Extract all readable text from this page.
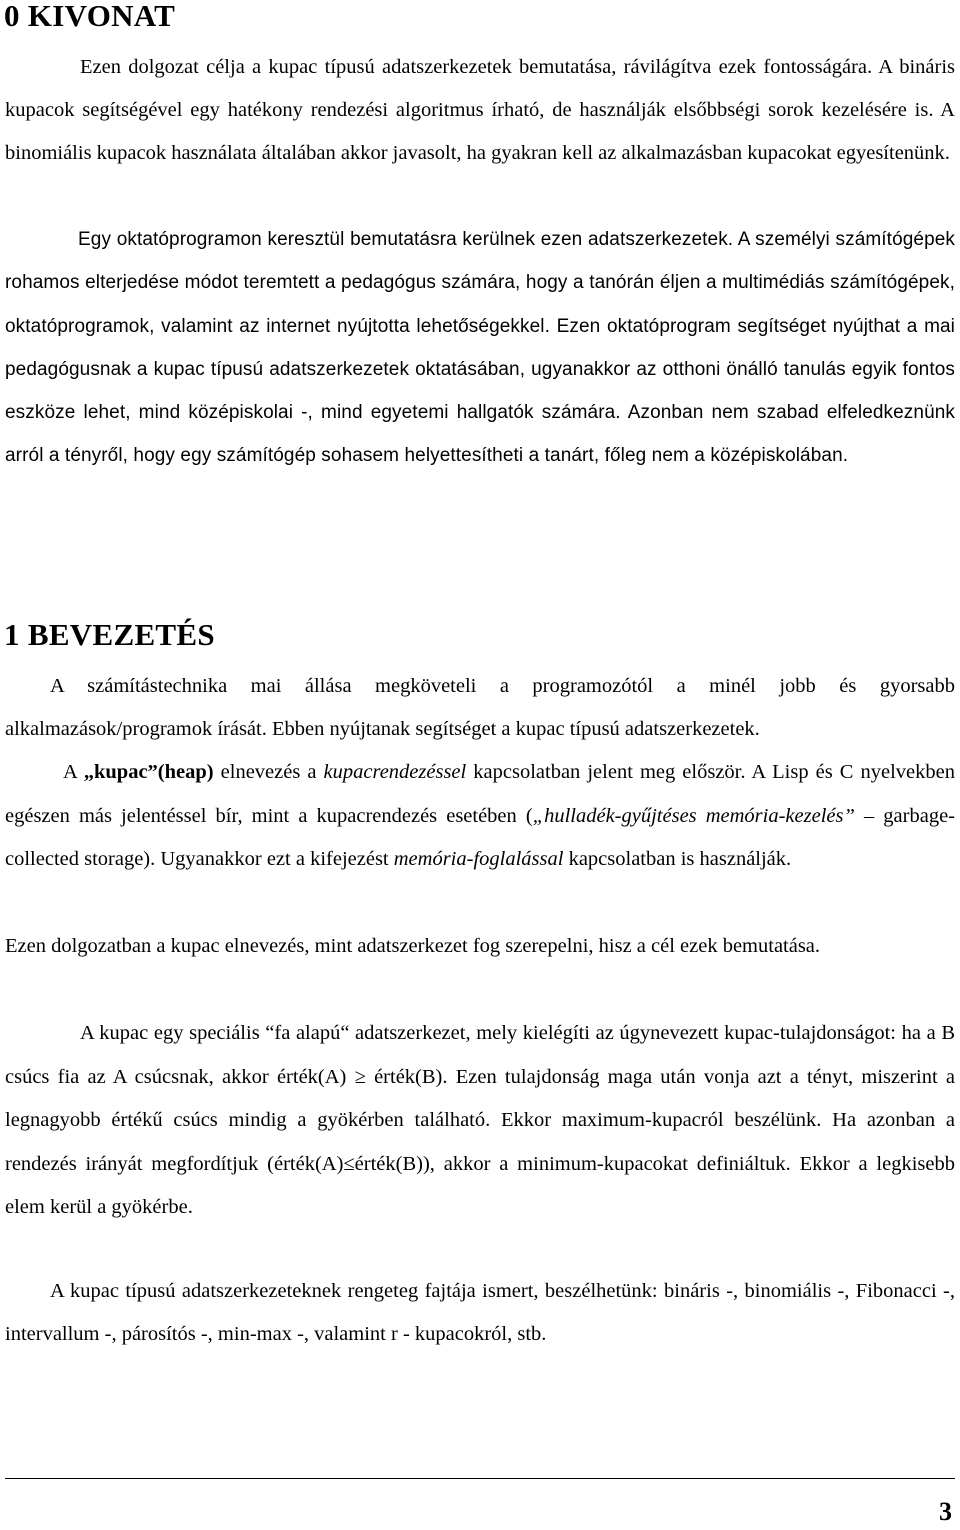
0 KIVONAT

Ezen dolgozat célja a kupac típusú adatszerkezetek bemutatása, rávilágítva ezek fontosságára. A bináris kupacok segítségével egy hatékony rendezési algoritmus írható, de használják elsőbbségi sorok kezelésére is. A binomiális kupacok használata általában akkor javasolt, ha gyakran kell az alkalmazásban kupacokat egyesítenünk.

Egy oktatóprogramon keresztül bemutatásra kerülnek ezen adatszerkezetek. A személyi számítógépek rohamos elterjedése módot teremtett a pedagógus számára, hogy a tanórán éljen a multimédiás számítógépek, oktatóprogramok, valamint az internet nyújtotta lehetőségekkel. Ezen oktatóprogram segítséget nyújthat a mai pedagógusnak a kupac típusú adatszerkezetek oktatásában, ugyanakkor az otthoni önálló tanulás egyik fontos eszköze lehet, mind középiskolai -, mind egyetemi hallgatók számára. Azonban nem szabad elfeledkeznünk arról a tényről, hogy egy számítógép sohasem helyettesítheti a tanárt, főleg nem a középiskolában.

1 BEVEZETÉS

A számítástechnika mai állása megköveteli a programozótól a minél jobb és gyorsabb alkalmazások/programok írását. Ebben nyújtanak segítséget a kupac típusú adatszerkezetek.

A „kupac”(heap) elnevezés a kupacrendezéssel kapcsolatban jelent meg először. A Lisp és C nyelvekben egészen más jelentéssel bír, mint a kupacrendezés esetében („hulladék-gyűjtéses memória-kezelés” – garbage-collected storage). Ugyanakkor ezt a kifejezést memória-foglalással kapcsolatban is használják.

Ezen dolgozatban a kupac elnevezés, mint adatszerkezet fog szerepelni, hisz a cél ezek bemutatása.

A kupac egy speciális “fa alapú“ adatszerkezet, mely kielégíti az úgynevezett kupac-tulajdonságot: ha a B csúcs fia az A csúcsnak, akkor érték(A) ≥ érték(B). Ezen tulajdonság maga után vonja azt a tényt, miszerint a legnagyobb értékű csúcs mindig a gyökérben található. Ekkor maximum-kupacról beszélünk. Ha azonban a rendezés irányát megfordítjuk (érték(A)≤érték(B)), akkor a minimum-kupacokat definiáltuk. Ekkor a legkisebb elem kerül a gyökérbe.

A kupac típusú adatszerkezeteknek rengeteg fajtája ismert, beszélhetünk: bináris -, binomiális -, Fibonacci -, intervallum -, párosítós -, min-max -, valamint r - kupacokról, stb.

3
